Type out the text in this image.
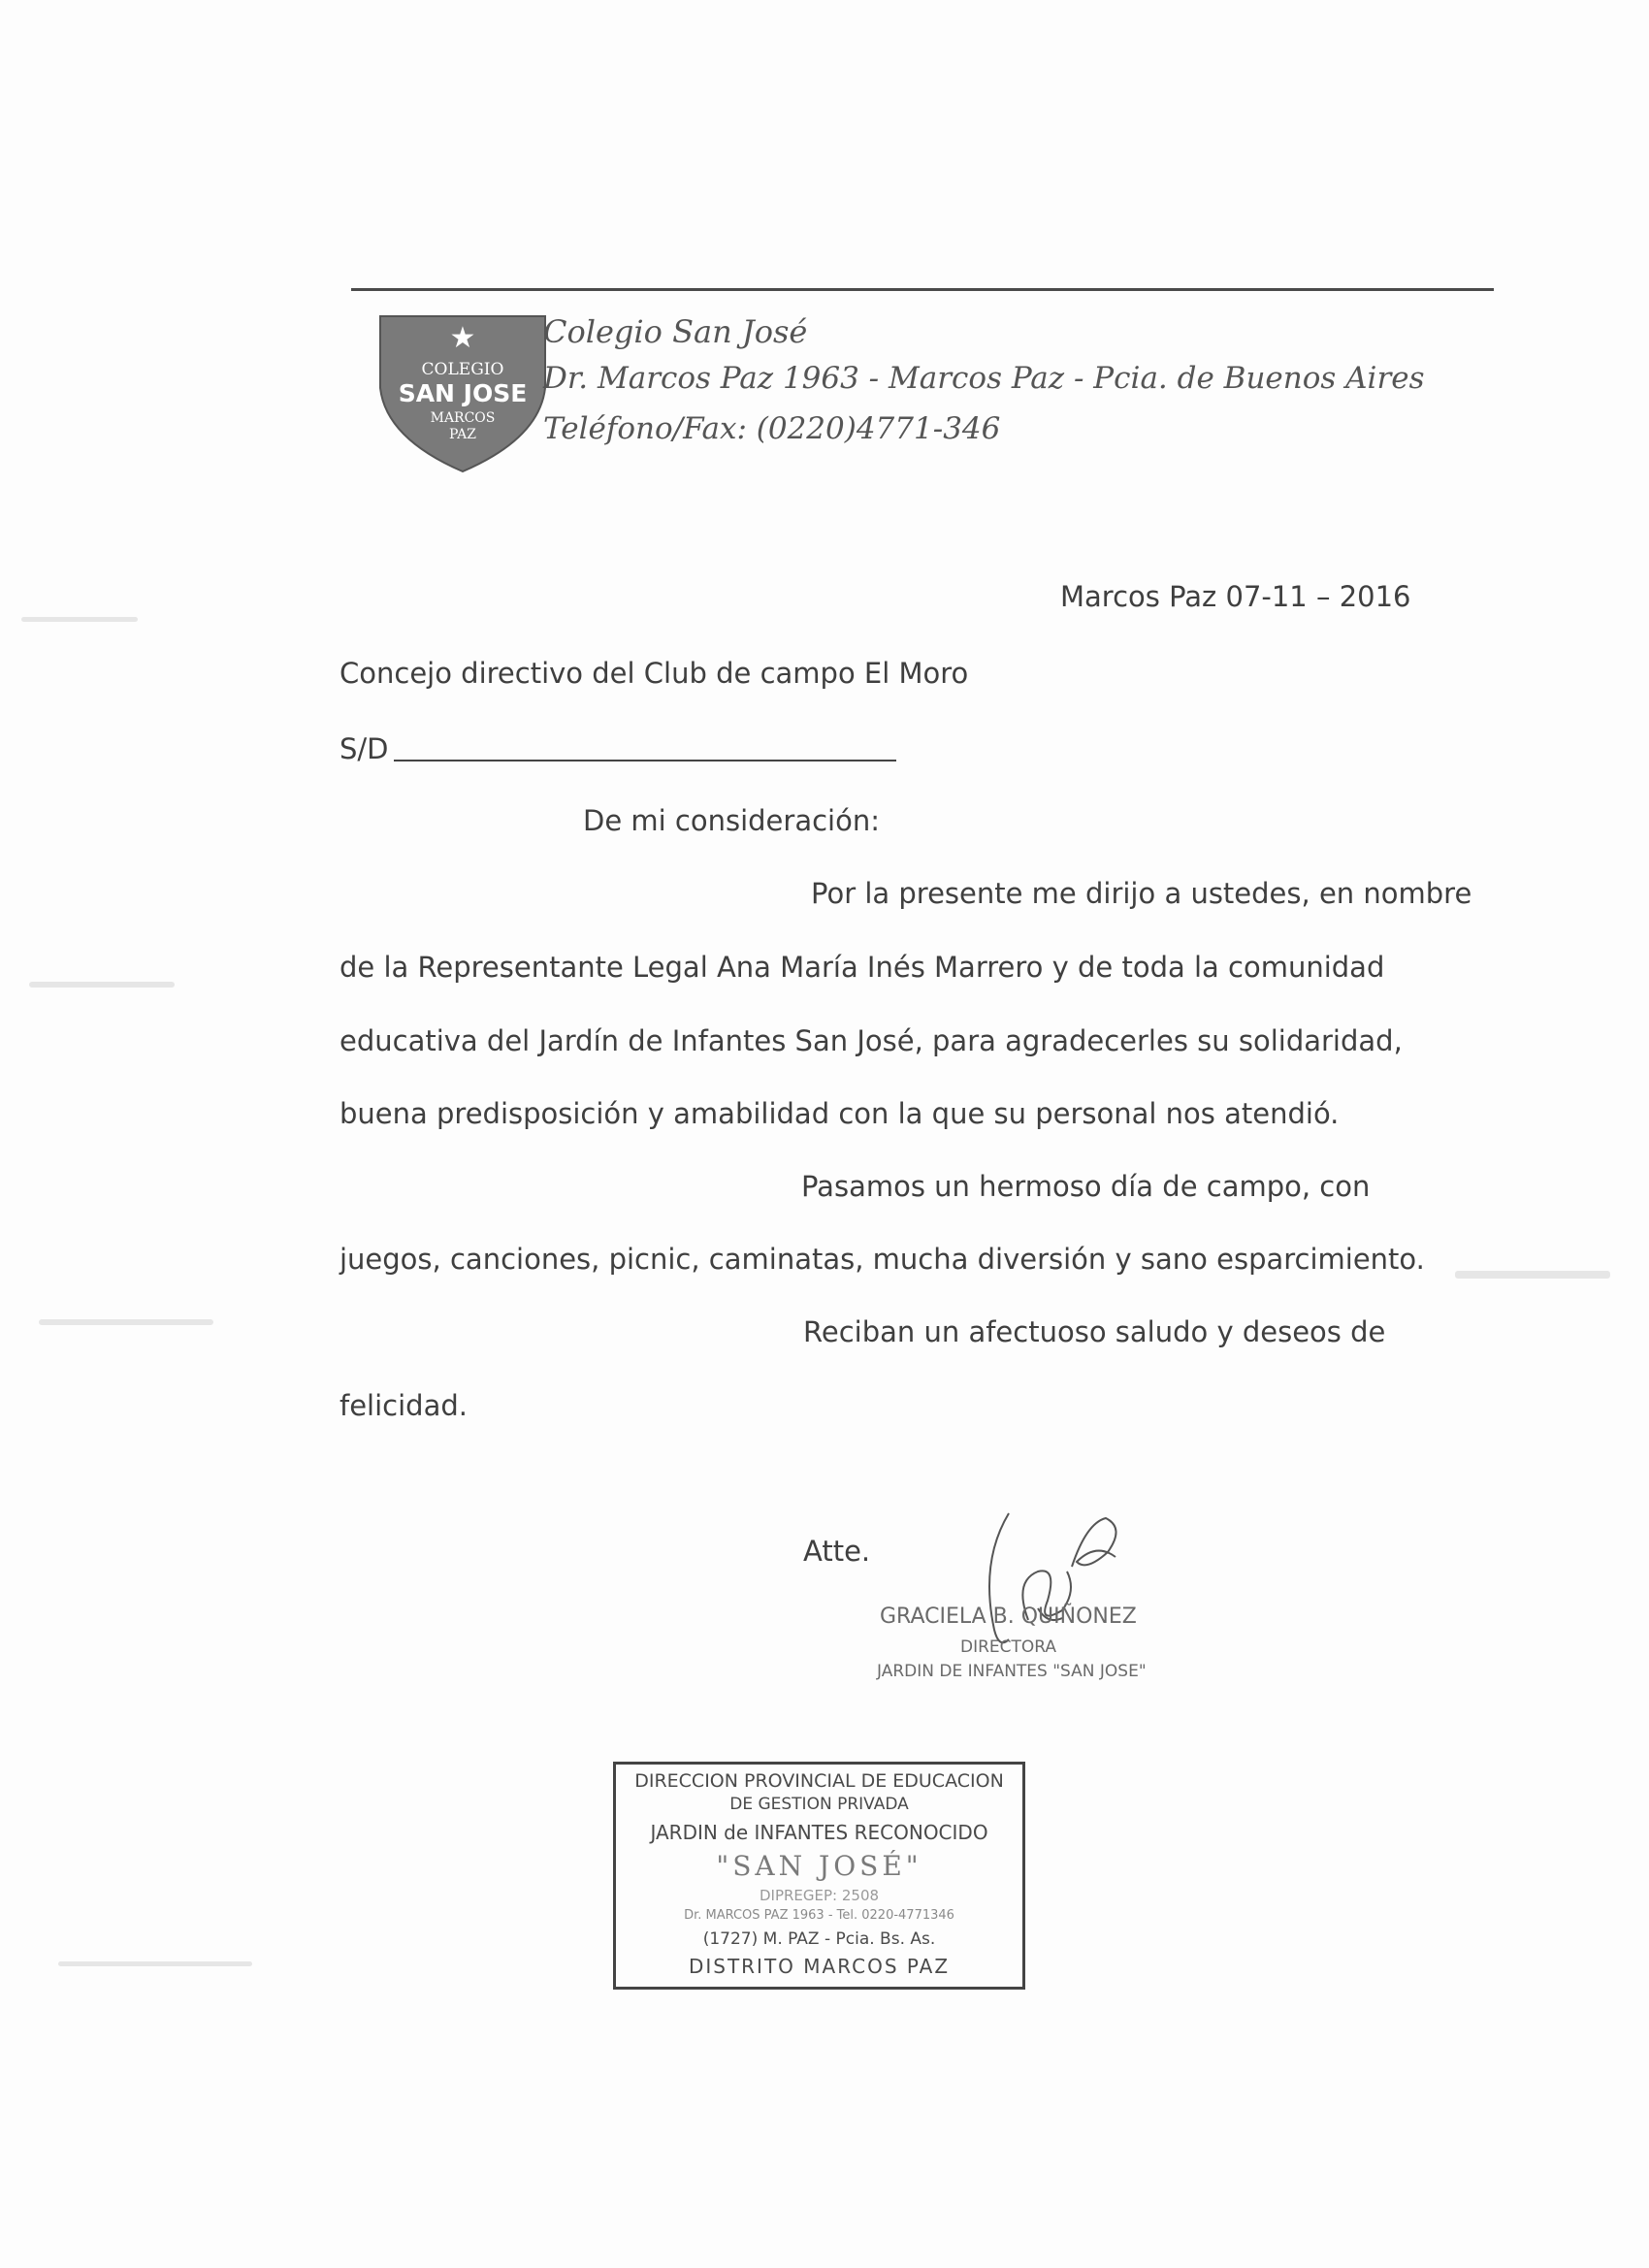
★
COLEGIO
SAN JOSE
MARCOS
PAZ
Colegio San José
Dr. Marcos Paz 1963 - Marcos Paz - Pcia. de Buenos Aires
Teléfono/Fax: (0220)4771-346
Marcos Paz 07-11 – 2016
Concejo directivo del Club de campo El Moro
S/D
De mi consideración:
Por la presente me dirijo a ustedes, en nombre
de la Representante Legal Ana María Inés Marrero y de toda la comunidad
educativa del Jardín de Infantes San José, para agradecerles su solidaridad,
buena predisposición y amabilidad con la que su personal nos atendió.
Pasamos un hermoso día de campo, con
juegos, canciones, picnic, caminatas, mucha diversión y sano esparcimiento.
Reciban un afectuoso saludo y deseos de
felicidad.
Atte.
GRACIELA B. QUIÑONEZ
DIRECTORA
JARDIN DE INFANTES "SAN JOSE"
DIRECCION PROVINCIAL DE EDUCACION
DE GESTION PRIVADA
JARDIN de INFANTES RECONOCIDO
"SAN JOSÉ"
DIPREGEP: 2508
Dr. MARCOS PAZ 1963 - Tel. 0220-4771346
(1727) M. PAZ - Pcia. Bs. As.
DISTRITO MARCOS PAZ
